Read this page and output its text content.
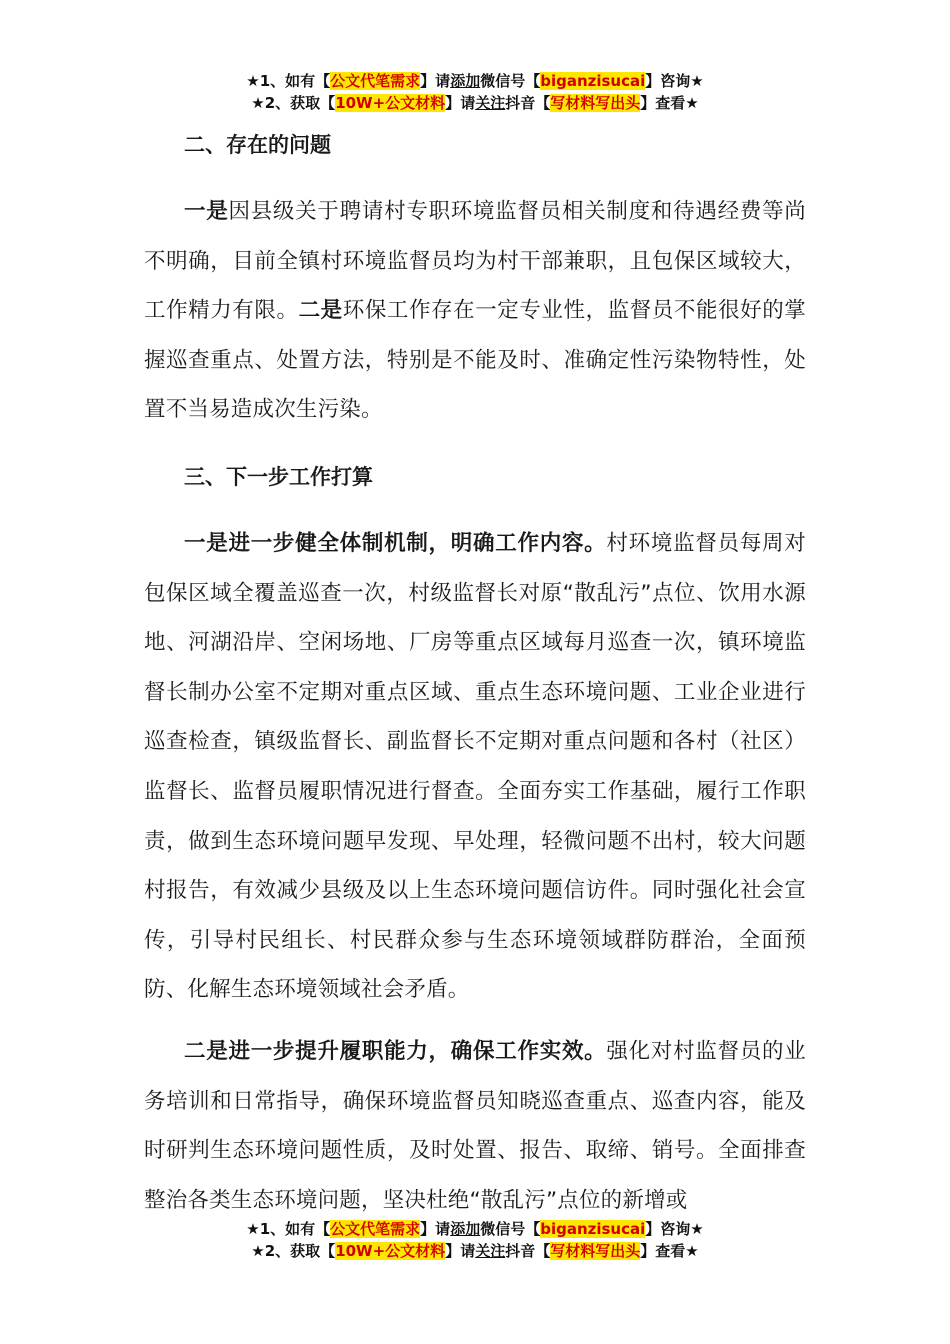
★1、如有【公文代笔需求】请添加微信号【biganzisucai】咨询★
★2、获取【10W+公文材料】请关注抖音【写材料写出头】查看★
二、存在的问题

一是因县级关于聘请村专职环境监督员相关制度和待遇经费等尚不明确，目前全镇村环境监督员均为村干部兼职，且包保区域较大，工作精力有限。二是环保工作存在一定专业性，监督员不能很好的掌握巡查重点、处置方法，特别是不能及时、准确定性污染物特性，处置不当易造成次生污染。

三、下一步工作打算

一是进一步健全体制机制，明确工作内容。村环境监督员每周对包保区域全覆盖巡查一次，村级监督长对原“散乱污”点位、饮用水源地、河湖沿岸、空闲场地、厂房等重点区域每月巡查一次，镇环境监督长制办公室不定期对重点区域、重点生态环境问题、工业企业进行巡查检查，镇级监督长、副监督长不定期对重点问题和各村（社区）监督长、监督员履职情况进行督查。全面夯实工作基础，履行工作职责，做到生态环境问题早发现、早处理，轻微问题不出村，较大问题村报告，有效减少县级及以上生态环境问题信访件。同时强化社会宣传，引导村民组长、村民群众参与生态环境领域群防群治，全面预防、化解生态环境领域社会矛盾。

二是进一步提升履职能力，确保工作实效。强化对村监督员的业务培训和日常指导，确保环境监督员知晓巡查重点、巡查内容，能及时研判生态环境问题性质，及时处置、报告、取缔、销号。全面排查整治各类生态环境问题，坚决杜绝“散乱污”点位的新增或

★1、如有【公文代笔需求】请添加微信号【biganzisucai】咨询★
★2、获取【10W+公文材料】请关注抖音【写材料写出头】查看★
